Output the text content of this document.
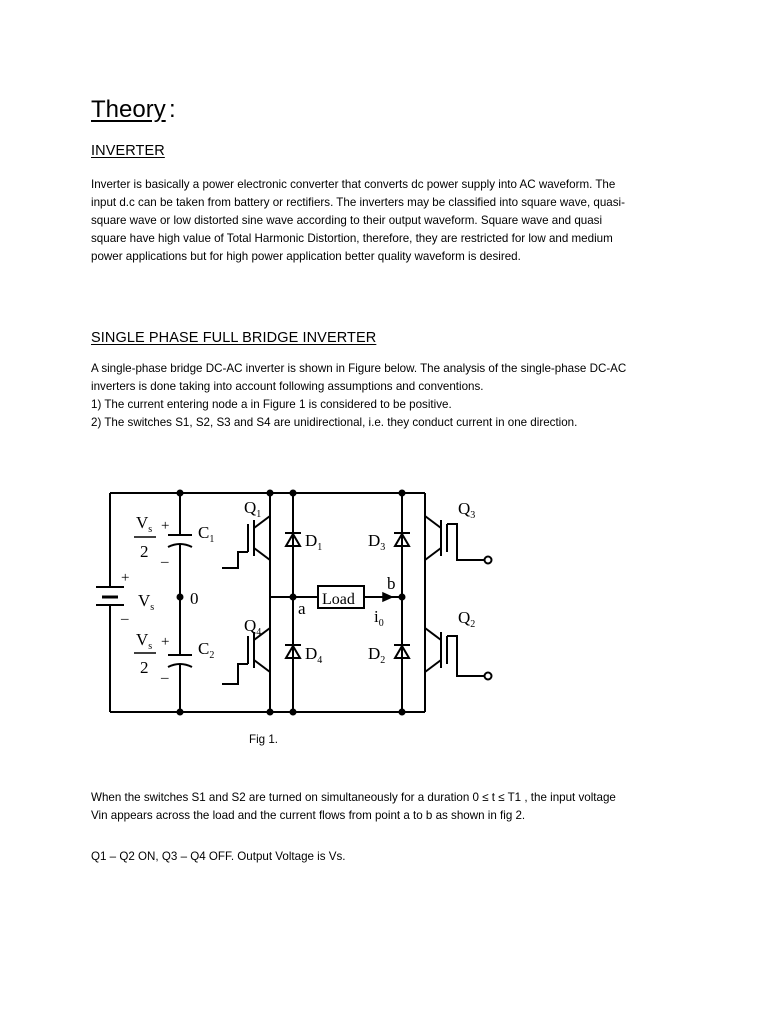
Theory :
INVERTER

Inverter is basically a power electronic converter that converts dc power supply into AC waveform. The

input d.c can be taken from battery or rectifiers. The inverters may be classified into square wave, quasi-

square wave or low distorted sine wave according to their output waveform. Square wave and quasi

square have high value of Total Harmonic Distortion, therefore, they are restricted for low and medium

power applications but for high power application better quality waveform is desired.

SINGLE PHASE FULL BRIDGE INVERTER

A single-phase bridge DC-AC inverter is shown in Figure below. The analysis of the single-phase DC-AC

inverters is done taking into account following assumptions and conventions.

1) The current entering node a in Figure 1 is considered to be positive.

2) The switches S1, S2, S3 and S4 are unidirectional, i.e. they conduct current in one direction.

$V_s$
2
+
–
$C_1$
+
–
$V_s$ 0
$V_s$
2
+
–
$C_2$
$Q_1$
$Q_4$
$Q_3$
$Q_2$
$D_1$
$D_4$
$D_3$
$D_2$
Load
a
b
$i_0$
Fig 1.

When the switches S1 and S2 are turned on simultaneously for a duration 0 ≤ t ≤ T1 , the input voltage

Vin appears across the load and the current flows from point a to b as shown in fig 2.

Q1 – Q2 ON, Q3 – Q4 OFF. Output Voltage is Vs.
